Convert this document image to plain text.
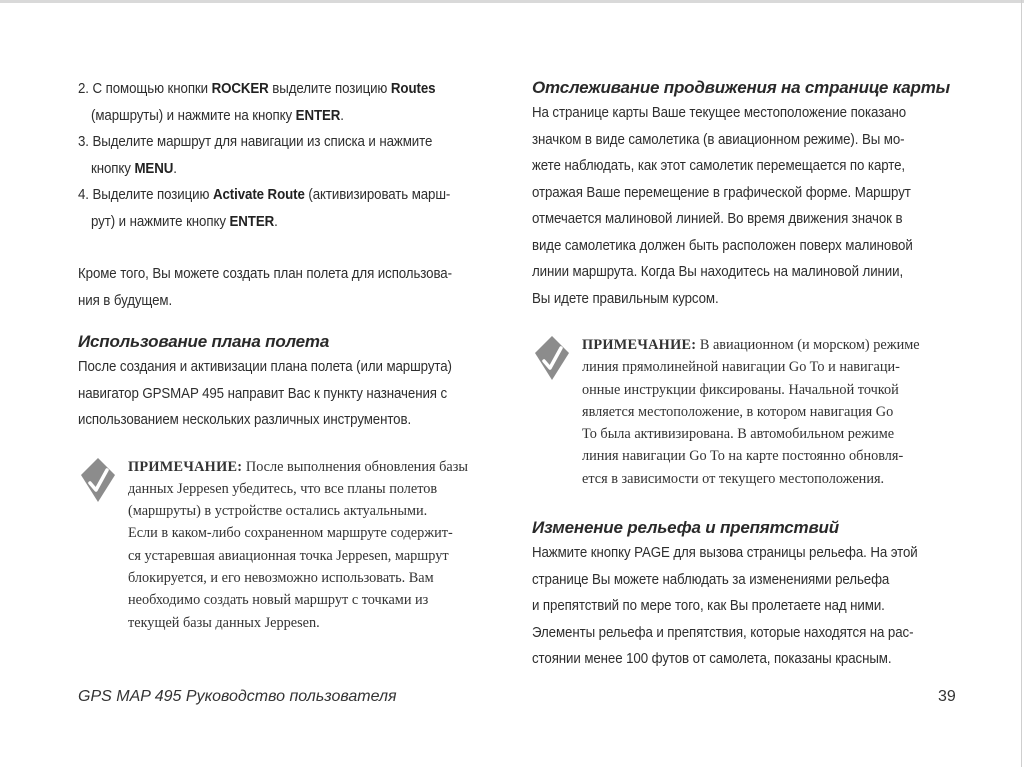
2. С помощью кнопки ROCKER выделите позицию Routes
(маршруты) и нажмите на кнопку ENTER.
3. Выделите маршрут для навигации из списка и нажмите
кнопку MENU.
4. Выделите позицию Activate Route (активизировать марш-
рут) и нажмите кнопку ENTER.
Кроме того, Вы можете создать план полета для использова-
ния в будущем.
Использование плана полета
После создания и активизации плана полета (или маршрута)
навигатор GPSMAP 495 направит Вас к пункту назначения с
использованием нескольких различных инструментов.
ПРИМЕЧАНИЕ: После выполнения обновления базы
данных Jeppesen убедитесь, что все планы полетов
(маршруты) в устройстве остались актуальными.
Если в каком-либо сохраненном маршруте содержит-
ся устаревшая авиационная точка Jeppesen, маршрут
блокируется, и его невозможно использовать. Вам
необходимо создать новый маршрут с точками из
текущей базы данных Jeppesen.
Отслеживание продвижения на странице карты
На странице карты Ваше текущее местоположение показано
значком в виде самолетика (в авиационном режиме). Вы мо-
жете наблюдать, как этот самолетик перемещается по карте,
отражая Ваше перемещение в графической форме. Маршрут
отмечается малиновой линией. Во время движения значок в
виде самолетика должен быть расположен поверх малиновой
линии маршрута. Когда Вы находитесь на малиновой линии,
Вы идете правильным курсом.
ПРИМЕЧАНИЕ: В авиационном (и морском) режиме
линия прямолинейной навигации Go To и навигаци-
онные инструкции фиксированы. Начальной точкой
является местоположение, в котором навигация Go
To была активизирована. В автомобильном режиме
линия навигации Go To на карте постоянно обновля-
ется в зависимости от текущего местоположения.
Изменение рельефа и препятствий
Нажмите кнопку PAGE для вызова страницы рельефа. На этой
странице Вы можете наблюдать за изменениями рельефа
и препятствий по мере того, как Вы пролетаете над ними.
Элементы рельефа и препятствия, которые находятся на рас-
стоянии менее 100 футов от самолета, показаны красным.
GPS MAP 495 Руководство пользователя	39
